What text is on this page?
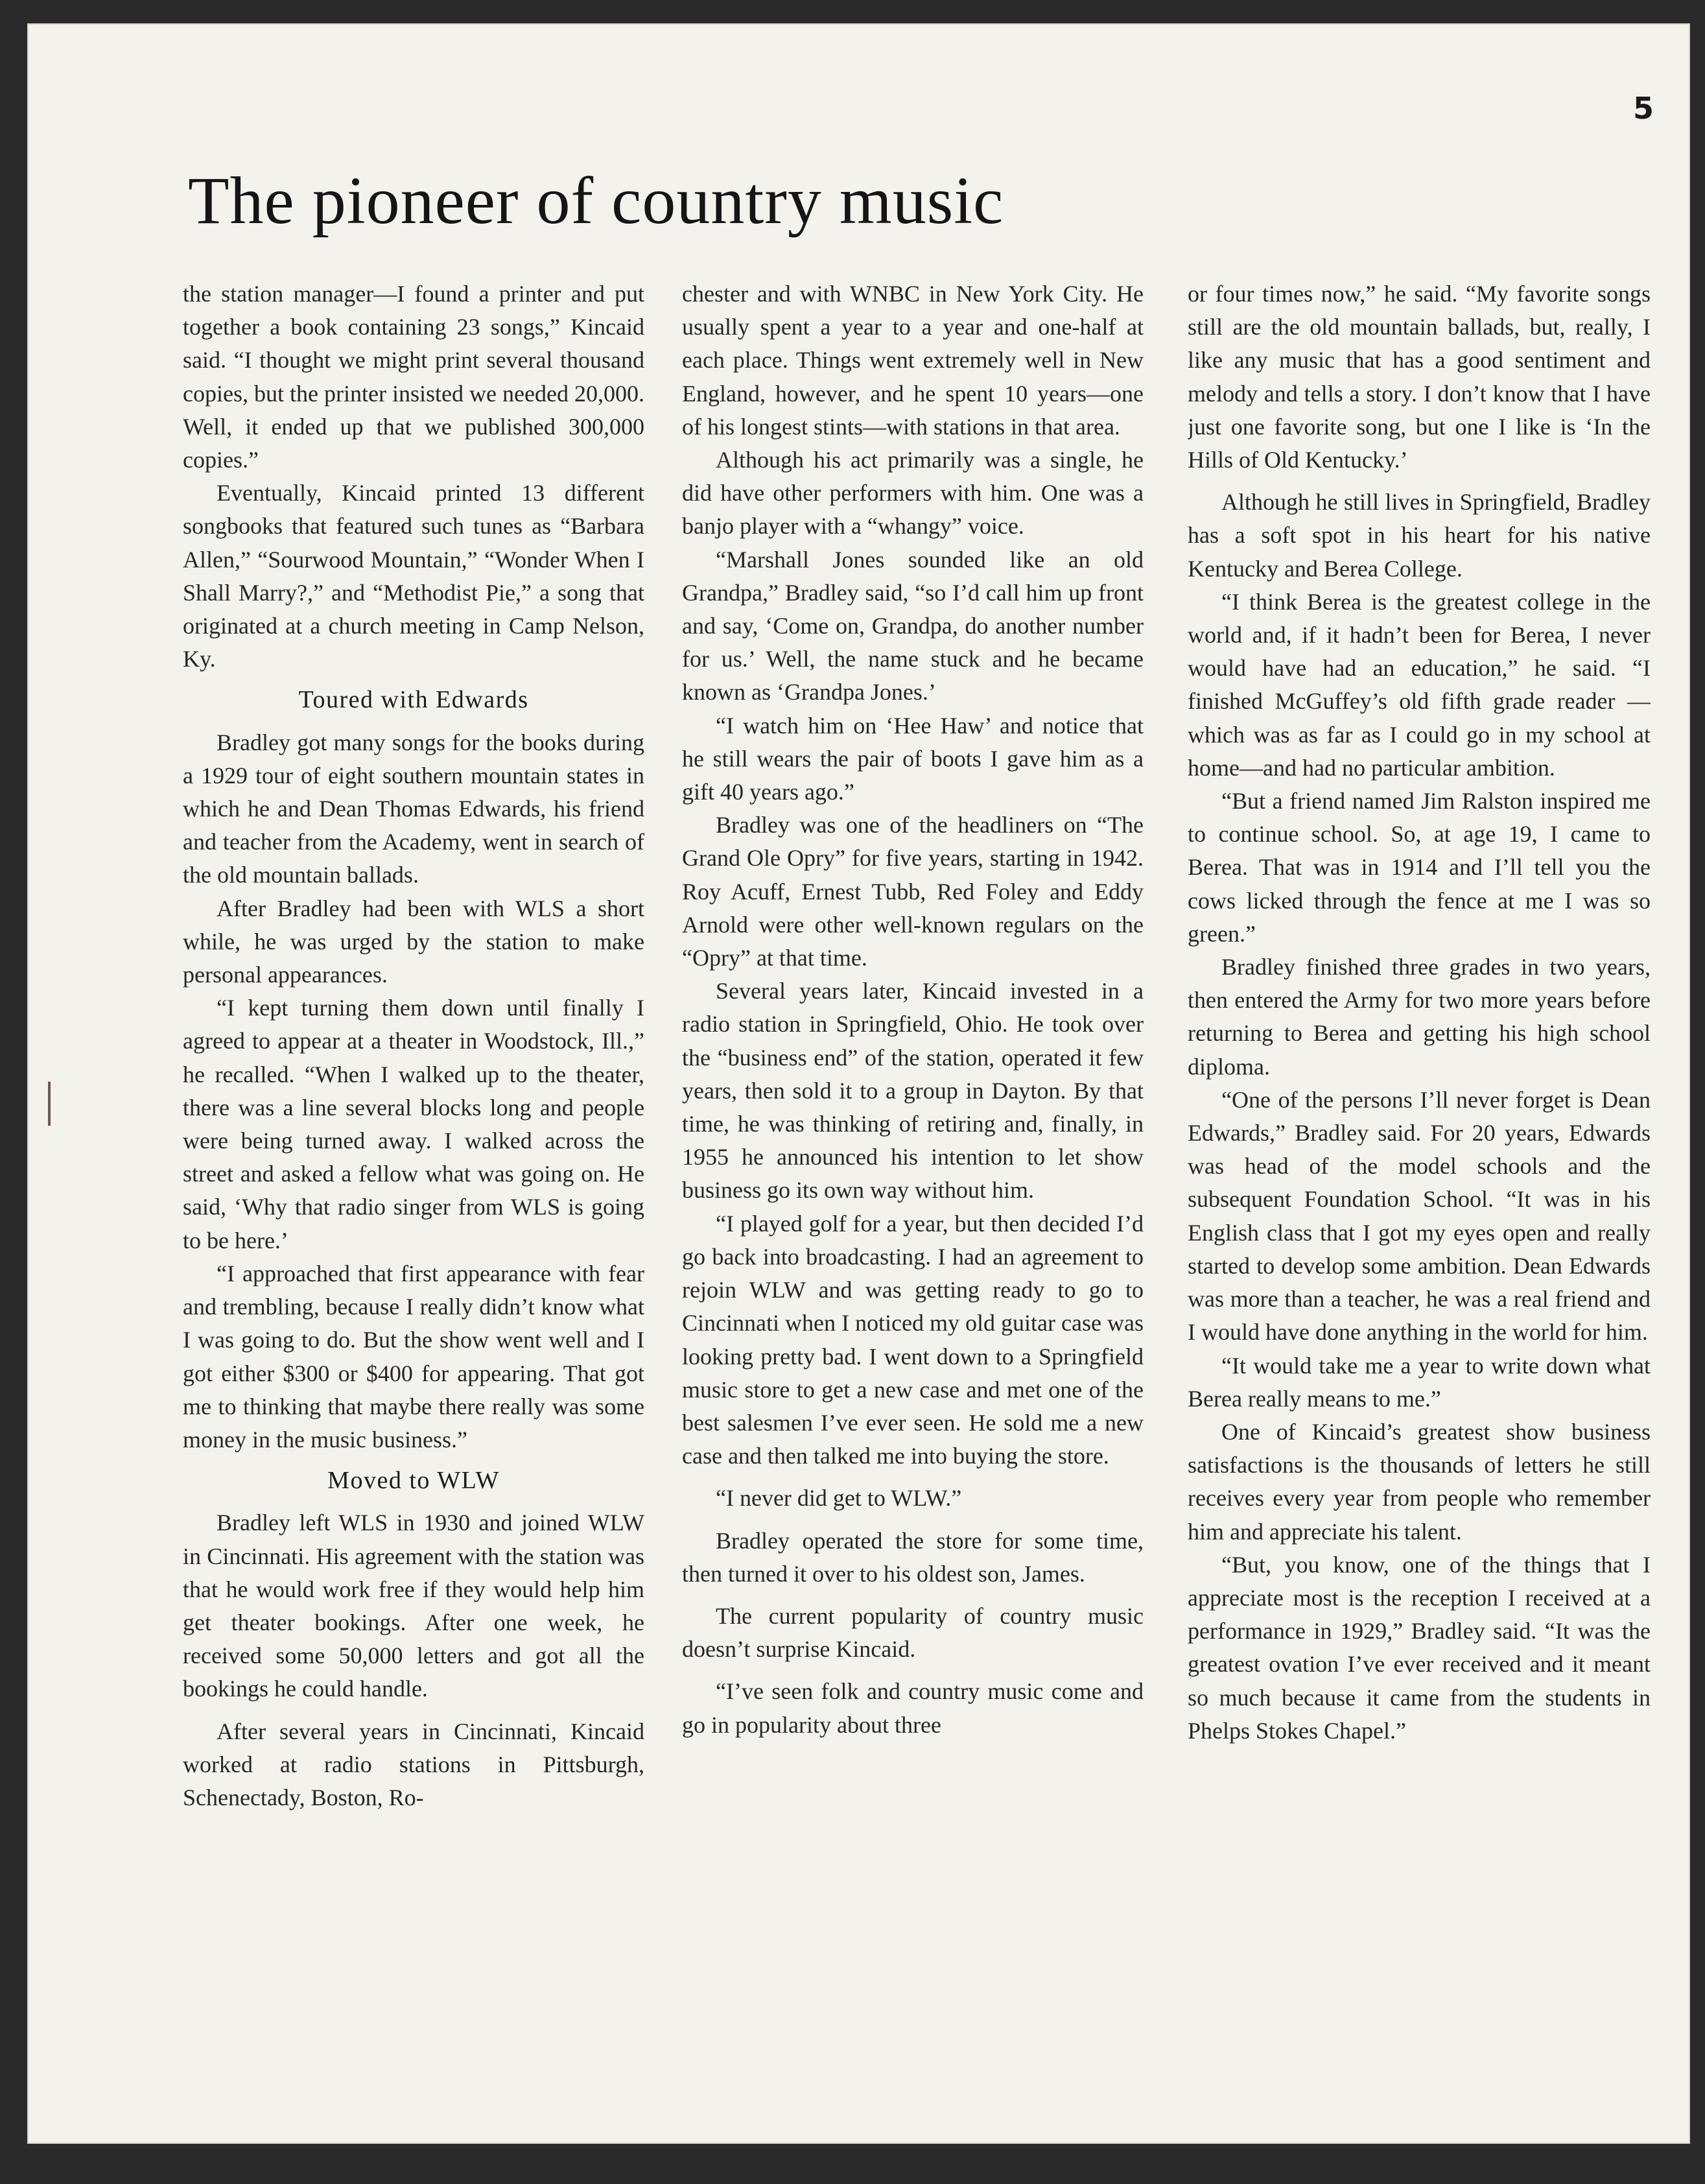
5
The pioneer of country music

the station manager—I found a printer and put together a book containing 23 songs,” Kincaid said. “I thought we might print several thousand copies, but the printer insisted we needed 20,000. Well, it ended up that we published 300,000 copies.”

Eventually, Kincaid printed 13 different songbooks that featured such tunes as “Barbara Allen,” “Sourwood Mountain,” “Wonder When I Shall Marry?,” and “Methodist Pie,” a song that originated at a church meeting in Camp Nelson, Ky.

Toured with Edwards

Bradley got many songs for the books during a 1929 tour of eight southern mountain states in which he and Dean Thomas Edwards, his friend and teacher from the Academy, went in search of the old mountain ballads.

After Bradley had been with WLS a short while, he was urged by the station to make personal appearances.

“I kept turning them down until finally I agreed to appear at a theater in Woodstock, Ill.,” he recalled. “When I walked up to the theater, there was a line several blocks long and people were being turned away. I walked across the street and asked a fellow what was going on. He said, ‘Why that radio singer from WLS is going to be here.’

“I approached that first appearance with fear and trembling, because I really didn’t know what I was going to do. But the show went well and I got either $300 or $400 for appearing. That got me to thinking that maybe there really was some money in the music business.”

Moved to WLW

Bradley left WLS in 1930 and joined WLW in Cincinnati. His agreement with the station was that he would work free if they would help him get theater bookings. After one week, he received some 50,000 letters and got all the bookings he could handle.

After several years in Cincinnati, Kincaid worked at radio stations in Pittsburgh, Schenectady, Boston, Ro-

chester and with WNBC in New York City. He usually spent a year to a year and one-half at each place. Things went extremely well in New England, however, and he spent 10 years—one of his longest stints—with stations in that area.

Although his act primarily was a single, he did have other performers with him. One was a banjo player with a “whangy” voice.

“Marshall Jones sounded like an old Grandpa,” Bradley said, “so I’d call him up front and say, ‘Come on, Grandpa, do another number for us.’ Well, the name stuck and he became known as ‘Grandpa Jones.’

“I watch him on ‘Hee Haw’ and notice that he still wears the pair of boots I gave him as a gift 40 years ago.”

Bradley was one of the headliners on “The Grand Ole Opry” for five years, starting in 1942. Roy Acuff, Ernest Tubb, Red Foley and Eddy Arnold were other well-known regulars on the “Opry” at that time.

Several years later, Kincaid invested in a radio station in Springfield, Ohio. He took over the “business end” of the station, operated it few years, then sold it to a group in Dayton. By that time, he was thinking of retiring and, finally, in 1955 he announced his intention to let show business go its own way without him.

“I played golf for a year, but then decided I’d go back into broadcasting. I had an agreement to rejoin WLW and was getting ready to go to Cincinnati when I noticed my old guitar case was looking pretty bad. I went down to a Springfield music store to get a new case and met one of the best salesmen I’ve ever seen. He sold me a new case and then talked me into buying the store.

“I never did get to WLW.”

Bradley operated the store for some time, then turned it over to his oldest son, James.

The current popularity of country music doesn’t surprise Kincaid.

“I’ve seen folk and country music come and go in popularity about three

or four times now,” he said. “My favorite songs still are the old mountain ballads, but, really, I like any music that has a good sentiment and melody and tells a story. I don’t know that I have just one favorite song, but one I like is ‘In the Hills of Old Kentucky.’

Although he still lives in Springfield, Bradley has a soft spot in his heart for his native Kentucky and Berea College.

“I think Berea is the greatest college in the world and, if it hadn’t been for Berea, I never would have had an education,” he said. “I finished McGuffey’s old fifth grade reader — which was as far as I could go in my school at home—and had no particular ambition.

“But a friend named Jim Ralston inspired me to continue school. So, at age 19, I came to Berea. That was in 1914 and I’ll tell you the cows licked through the fence at me I was so green.”

Bradley finished three grades in two years, then entered the Army for two more years before returning to Berea and getting his high school diploma.

“One of the persons I’ll never forget is Dean Edwards,” Bradley said. For 20 years, Edwards was head of the model schools and the subsequent Foundation School. “It was in his English class that I got my eyes open and really started to develop some ambition. Dean Edwards was more than a teacher, he was a real friend and I would have done anything in the world for him.

“It would take me a year to write down what Berea really means to me.”

One of Kincaid’s greatest show business satisfactions is the thousands of letters he still receives every year from people who remember him and appreciate his talent.

“But, you know, one of the things that I appreciate most is the reception I received at a performance in 1929,” Bradley said. “It was the greatest ovation I’ve ever received and it meant so much because it came from the students in Phelps Stokes Chapel.”
